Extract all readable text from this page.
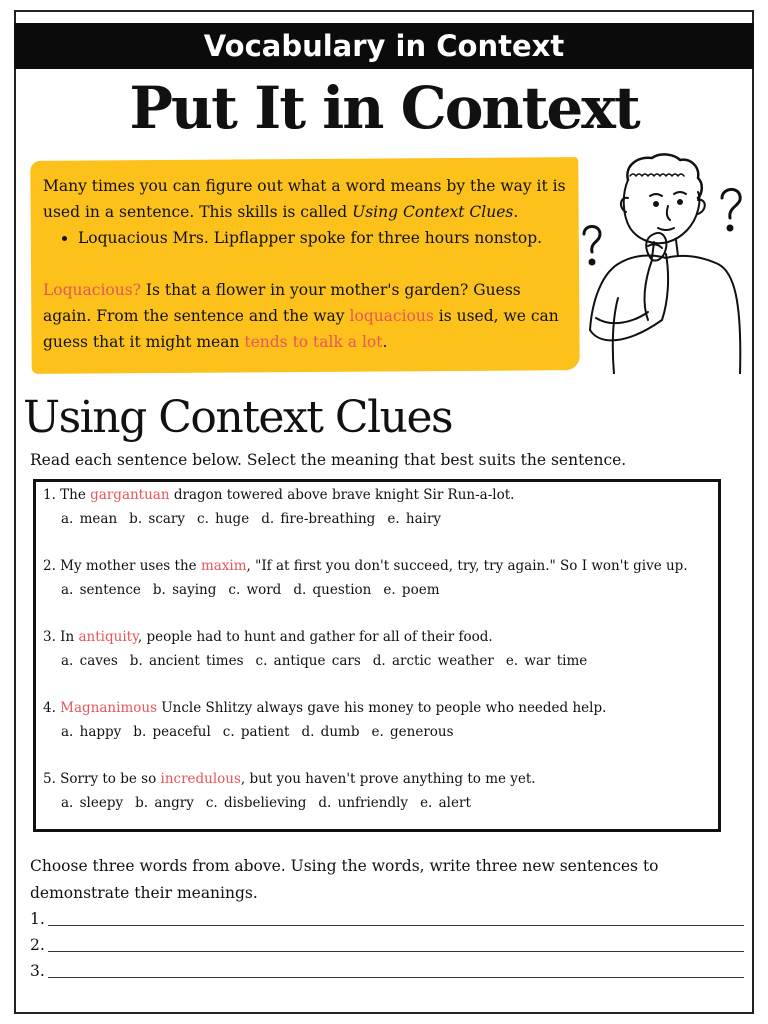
Vocabulary in Context
Put It in Context

Many times you can figure out what a word means by the way it is used in a sentence. This skills is called Using Context Clues.

• Loquacious Mrs. Lipflapper spoke for three hours nonstop.

Loquacious? Is that a flower in your mother's garden? Guess again. From the sentence and the way loquacious is used, we can guess that it might mean tends to talk a lot.

Using Context Clues
Read each sentence below. Select the meaning that best suits the sentence.
1. The gargantuan dragon towered above brave knight Sir Run-a-lot.
a. mean b. scary c. huge d. fire-breathing e. hairy
2. My mother uses the maxim, "If at first you don't succeed, try, try again." So I won't give up.
a. sentence b. saying c. word d. question e. poem
3. In antiquity, people had to hunt and gather for all of their food.
a. caves b. ancient times c. antique cars d. arctic weather e. war time
4. Magnanimous Uncle Shlitzy always gave his money to people who needed help.
a. happy b. peaceful c. patient d. dumb e. generous
5. Sorry to be so incredulous, but you haven't prove anything to me yet.
a. sleepy b. angry c. disbelieving d. unfriendly e. alert
Choose three words from above. Using the words, write three new sentences to demonstrate their meanings.
1.
2.
3.
